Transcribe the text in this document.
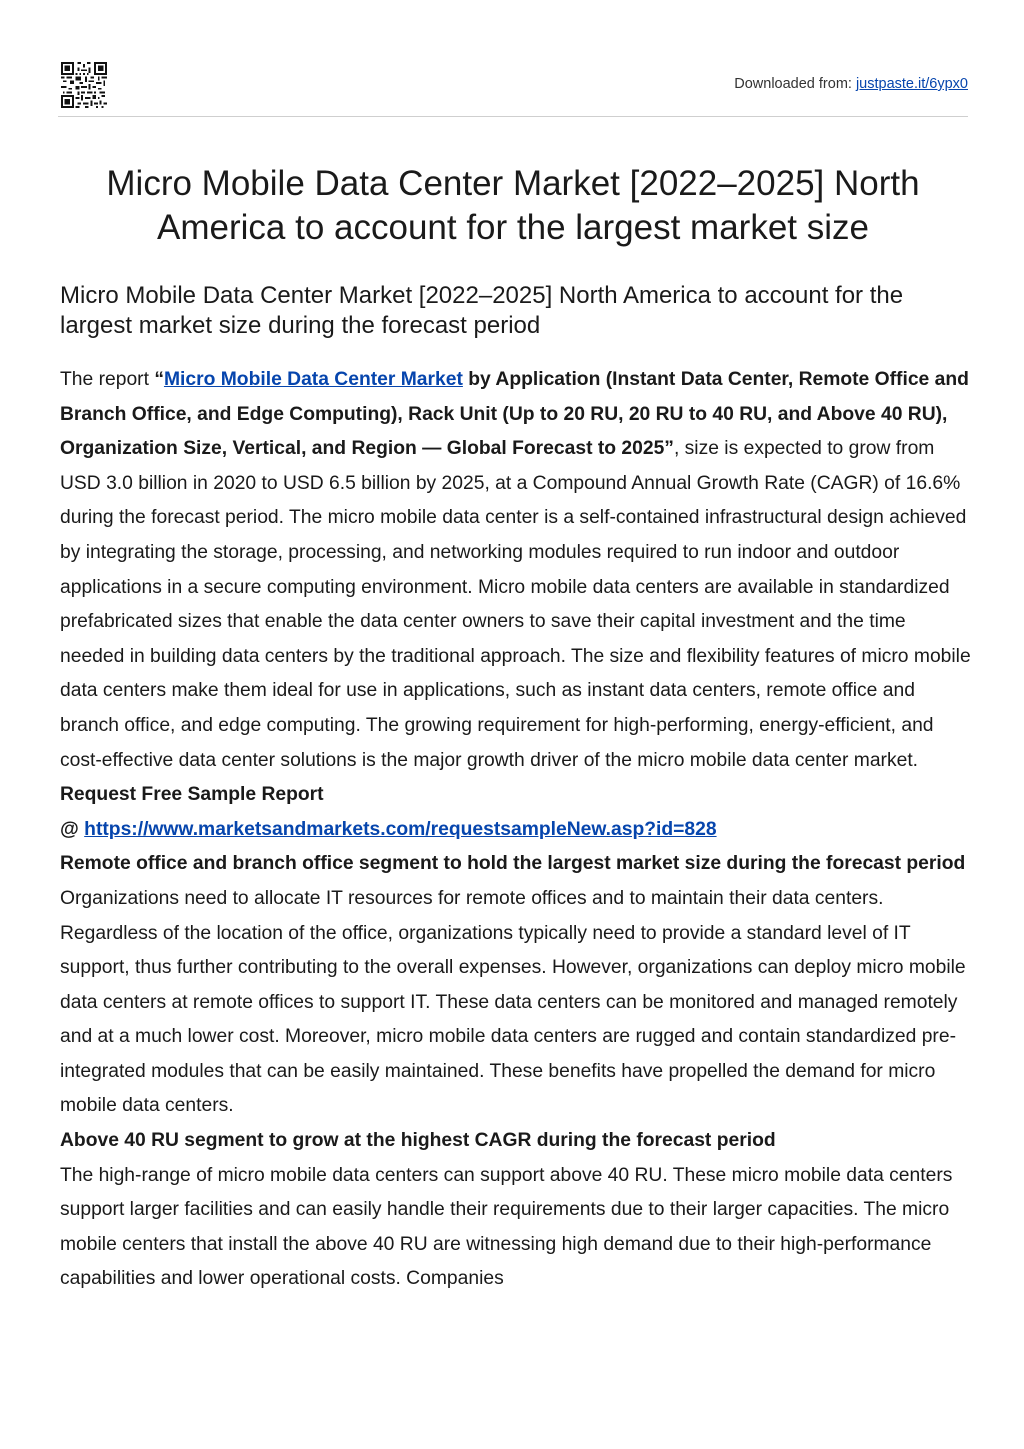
Downloaded from: justpaste.it/6ypx0
Micro Mobile Data Center Market [2022–2025] North America to account for the largest market size
Micro Mobile Data Center Market [2022–2025] North America to account for the largest market size during the forecast period

The report “Micro Mobile Data Center Market by Application (Instant Data Center, Remote Office and Branch Office, and Edge Computing), Rack Unit (Up to 20 RU, 20 RU to 40 RU, and Above 40 RU), Organization Size, Vertical, and Region — Global Forecast to 2025”, size is expected to grow from USD 3.0 billion in 2020 to USD 6.5 billion by 2025, at a Compound Annual Growth Rate (CAGR) of 16.6% during the forecast period. The micro mobile data center is a self-contained infrastructural design achieved by integrating the storage, processing, and networking modules required to run indoor and outdoor applications in a secure computing environment. Micro mobile data centers are available in standardized prefabricated sizes that enable the data center owners to save their capital investment and the time needed in building data centers by the traditional approach. The size and flexibility features of micro mobile data centers make them ideal for use in applications, such as instant data centers, remote office and branch office, and edge computing. The growing requirement for high-performing, energy-efficient, and cost-effective data center solutions is the major growth driver of the micro mobile data center market.

Request Free Sample Report

@ https://www.marketsandmarkets.com/requestsampleNew.asp?id=828

Remote office and branch office segment to hold the largest market size during the forecast period

Organizations need to allocate IT resources for remote offices and to maintain their data centers. Regardless of the location of the office, organizations typically need to provide a standard level of IT support, thus further contributing to the overall expenses. However, organizations can deploy micro mobile data centers at remote offices to support IT. These data centers can be monitored and managed remotely and at a much lower cost. Moreover, micro mobile data centers are rugged and contain standardized pre-integrated modules that can be easily maintained. These benefits have propelled the demand for micro mobile data centers.

Above 40 RU segment to grow at the highest CAGR during the forecast period

The high-range of micro mobile data centers can support above 40 RU. These micro mobile data centers support larger facilities and can easily handle their requirements due to their larger capacities. The micro mobile centers that install the above 40 RU are witnessing high demand due to their high-performance capabilities and lower operational costs. Companies
